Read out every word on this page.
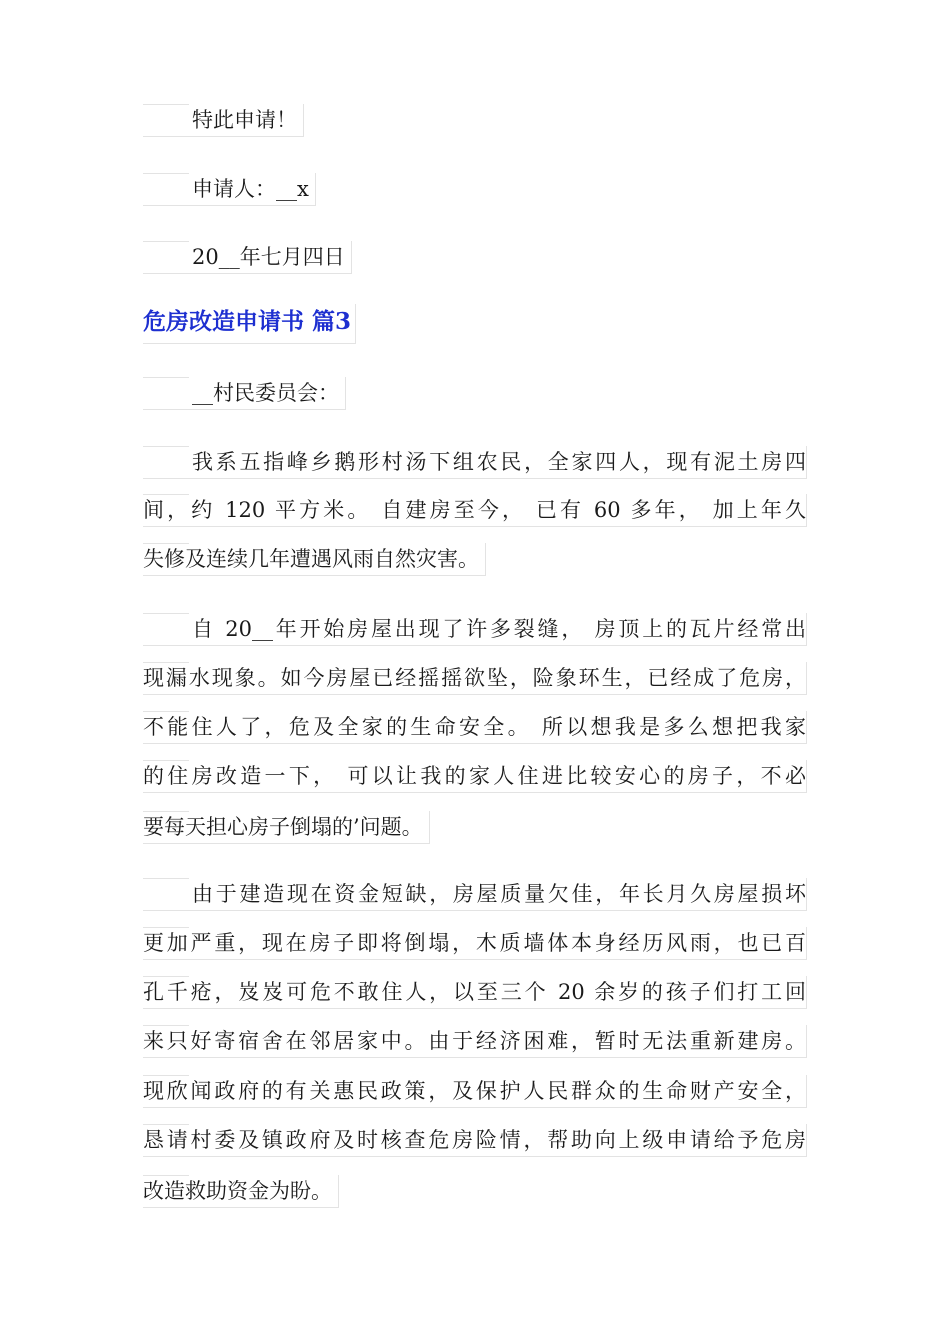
特此申请！
申请人：__x
20__年七月四日
危房改造申请书 篇3
__村民委员会：
我系五指峰乡鹅形村汤下组农民，全家四人，现有泥土房四
间，约 120 平方米。 自建房至今， 已有 60 多年， 加上年久
失修及连续几年遭遇风雨自然灾害。
自 20__年开始房屋出现了许多裂缝， 房顶上的瓦片经常出
现漏水现象。如今房屋已经摇摇欲坠，险象环生，已经成了危房，
不能住人了，危及全家的生命安全。 所以想我是多么想把我家
的住房改造一下， 可以让我的家人住进比较安心的房子，不必
要每天担心房子倒塌的’问题。
由于建造现在资金短缺，房屋质量欠佳，年长月久房屋损坏
更加严重，现在房子即将倒塌，木质墙体本身经历风雨，也已百
孔千疮，岌岌可危不敢住人，以至三个 20 余岁的孩子们打工回
来只好寄宿舍在邻居家中。由于经济困难，暂时无法重新建房。
现欣闻政府的有关惠民政策，及保护人民群众的生命财产安全，
恳请村委及镇政府及时核查危房险情，帮助向上级申请给予危房
改造救助资金为盼。
